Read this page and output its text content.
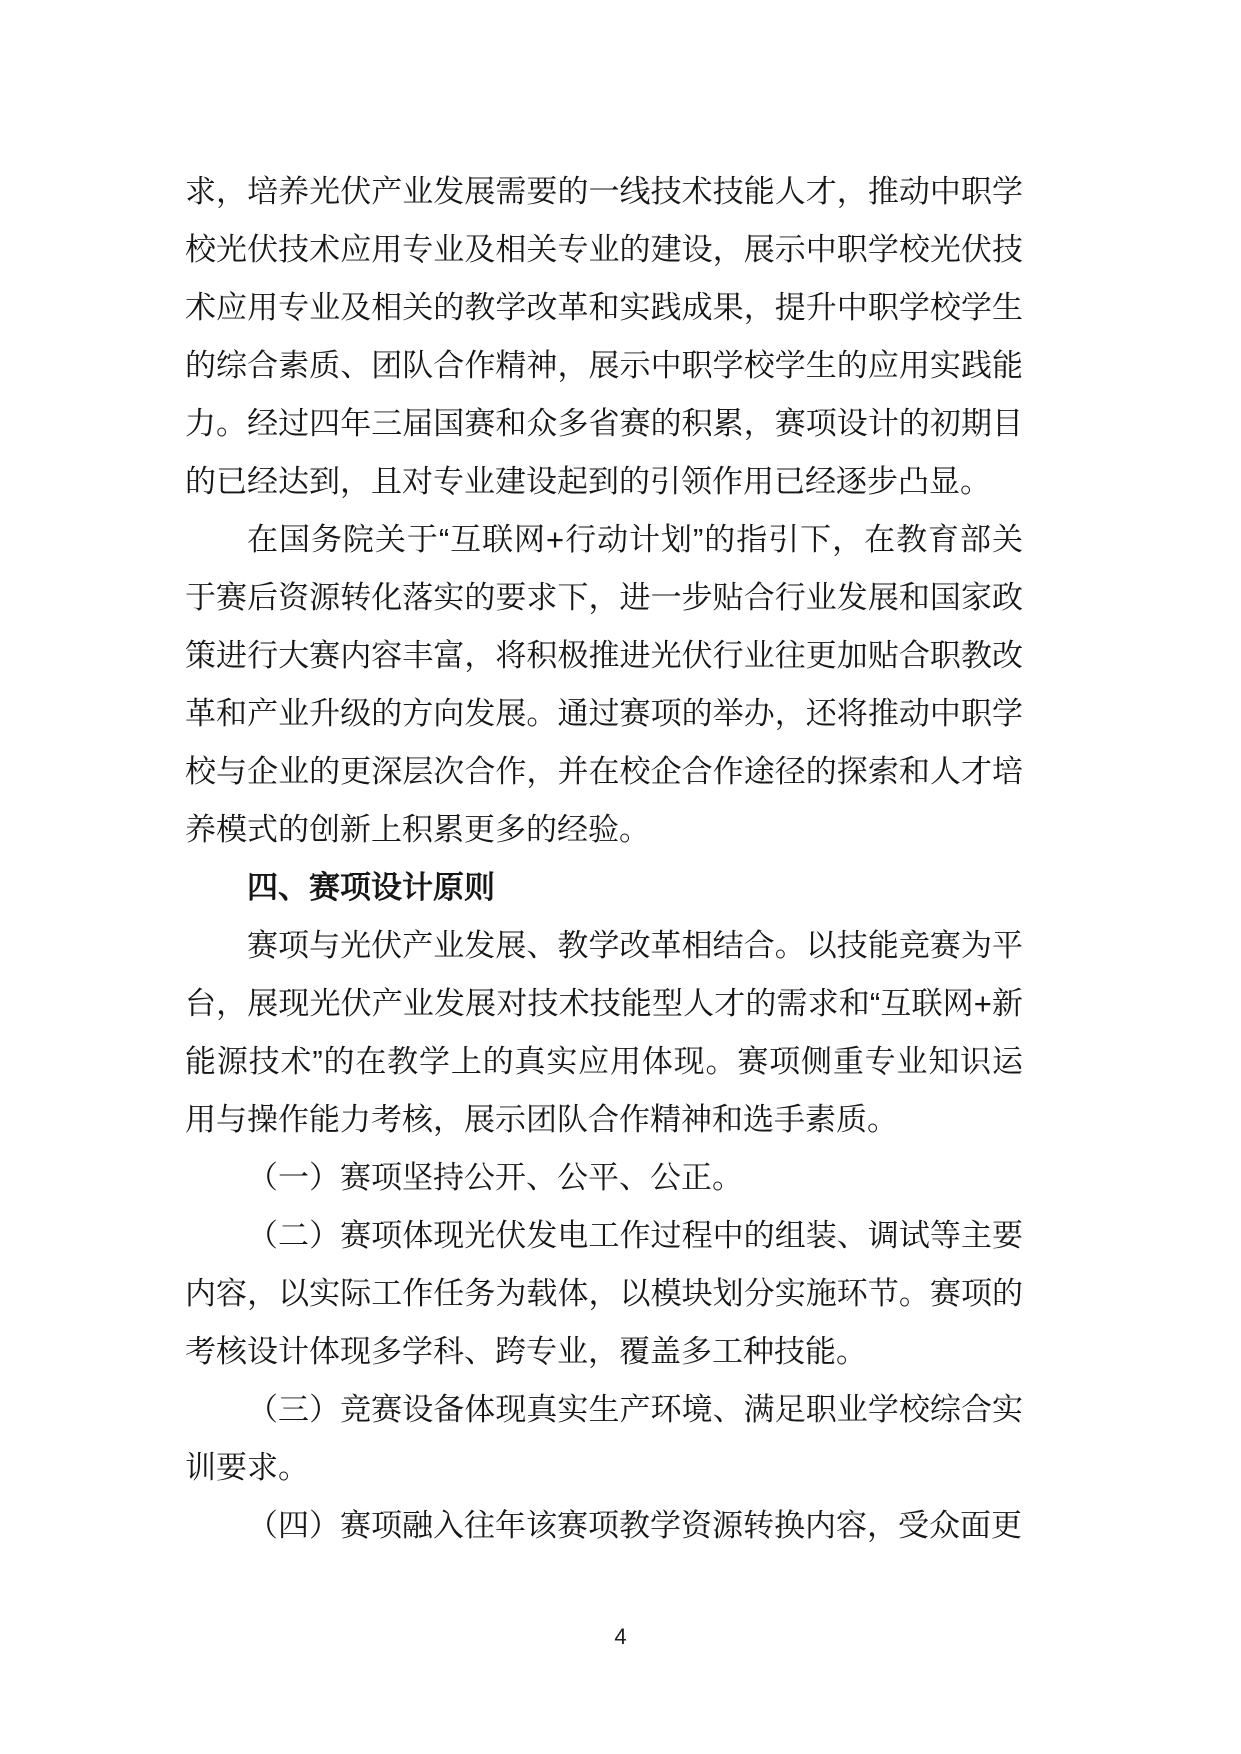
求，培养光伏产业发展需要的一线技术技能人才，推动中职学校光伏技术应用专业及相关专业的建设，展示中职学校光伏技术应用专业及相关的教学改革和实践成果，提升中职学校学生的综合素质、团队合作精神，展示中职学校学生的应用实践能力。经过四年三届国赛和众多省赛的积累，赛项设计的初期目的已经达到，且对专业建设起到的引领作用已经逐步凸显。

在国务院关于“互联网+行动计划”的指引下，在教育部关于赛后资源转化落实的要求下，进一步贴合行业发展和国家政策进行大赛内容丰富，将积极推进光伏行业往更加贴合职教改革和产业升级的方向发展。通过赛项的举办，还将推动中职学校与企业的更深层次合作，并在校企合作途径的探索和人才培养模式的创新上积累更多的经验。

四、赛项设计原则

赛项与光伏产业发展、教学改革相结合。以技能竞赛为平台，展现光伏产业发展对技术技能型人才的需求和“互联网+新能源技术”的在教学上的真实应用体现。赛项侧重专业知识运用与操作能力考核，展示团队合作精神和选手素质。

（一）赛项坚持公开、公平、公正。

（二）赛项体现光伏发电工作过程中的组装、调试等主要内容，以实际工作任务为载体，以模块划分实施环节。赛项的考核设计体现多学科、跨专业，覆盖多工种技能。

（三）竞赛设备体现真实生产环境、满足职业学校综合实训要求。

（四）赛项融入往年该赛项教学资源转换内容，受众面更

4
